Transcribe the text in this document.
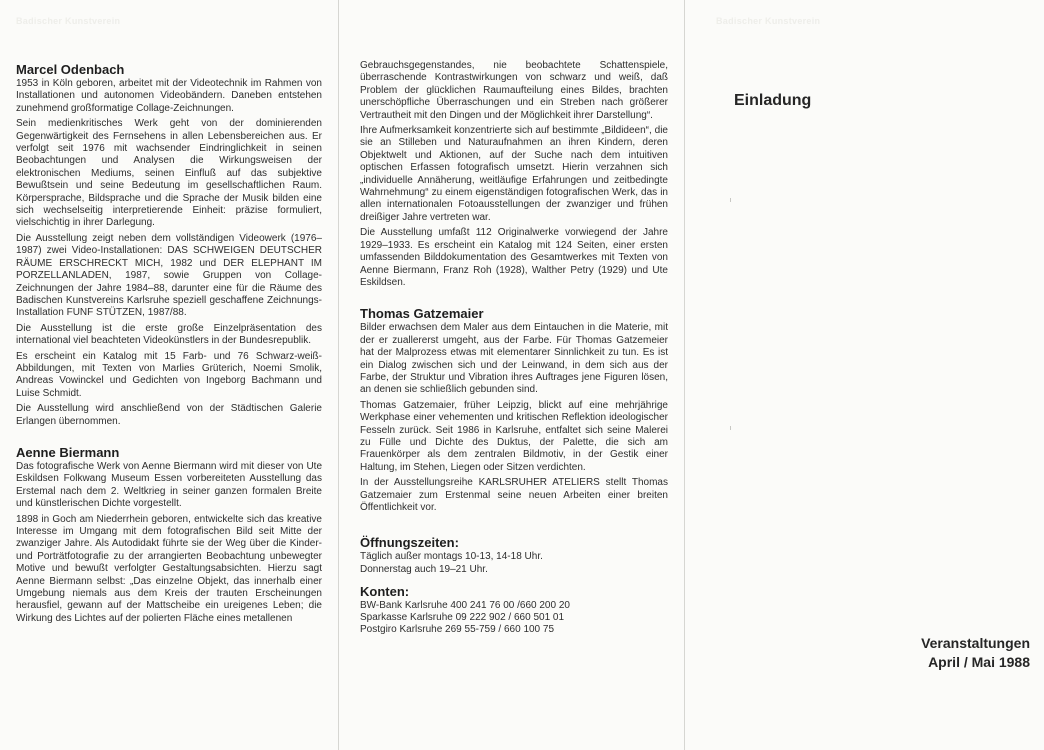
Badischer Kunstverein
Marcel Odenbach

1953 in Köln geboren, arbeitet mit der Videotechnik im Rahmen von Installationen und autonomen Videobändern. Daneben entstehen zunehmend großformatige Collage-Zeichnungen.

Sein medienkritisches Werk geht von der dominierenden Gegenwärtigkeit des Fernsehens in allen Lebensbereichen aus. Er verfolgt seit 1976 mit wachsender Eindringlichkeit in seinen Beobachtungen und Analysen die Wirkungsweisen der elektronischen Mediums, seinen Einfluß auf das subjektive Bewußtsein und seine Bedeutung im gesellschaftlichen Raum. Körpersprache, Bildsprache und die Sprache der Musik bilden eine sich wechselseitig interpretierende Einheit: präzise formuliert, vielschichtig in ihrer Darlegung.

Die Ausstellung zeigt neben dem vollständigen Videowerk (1976–1987) zwei Video-Installationen: DAS SCHWEIGEN DEUTSCHER RÄUME ERSCHRECKT MICH, 1982 und DER ELEPHANT IM PORZELLANLADEN, 1987, sowie Gruppen von Collage-Zeichnungen der Jahre 1984–88, darunter eine für die Räume des Badischen Kunstvereins Karlsruhe speziell geschaffene Zeichnungs-Installation FUNF STÜTZEN, 1987/88.

Die Ausstellung ist die erste große Einzelpräsentation des international viel beachteten Videokünstlers in der Bundesrepublik.

Es erscheint ein Katalog mit 15 Farb- und 76 Schwarz-weiß-Abbildungen, mit Texten von Marlies Grüterich, Noemi Smolik, Andreas Vowinckel und Gedichten von Ingeborg Bachmann und Luise Schmidt.

Die Ausstellung wird anschließend von der Städtischen Galerie Erlangen übernommen.

Aenne Biermann

Das fotografische Werk von Aenne Biermann wird mit dieser von Ute Eskildsen Folkwang Museum Essen vorbereiteten Ausstellung das Erstemal nach dem 2. Weltkrieg in seiner ganzen formalen Breite und künstlerischen Dichte vorgestellt.

1898 in Goch am Niederrhein geboren, entwickelte sich das kreative Interesse im Umgang mit dem fotografischen Bild seit Mitte der zwanziger Jahre. Als Autodidakt führte sie der Weg über die Kinder- und Porträtfotografie zu der arrangierten Beobachtung unbewegter Motive und bewußt verfolgter Gestaltungsabsichten. Hierzu sagt Aenne Biermann selbst: „Das einzelne Objekt, das innerhalb einer Umgebung niemals aus dem Kreis der trauten Erscheinungen herausfiel, gewann auf der Mattscheibe ein ureigenes Leben; die Wirkung des Lichtes auf der polierten Fläche eines metallenen

Gebrauchsgegenstandes, nie beobachtete Schattenspiele, überraschende Kontrastwirkungen von schwarz und weiß, daß Problem der glücklichen Raumaufteilung eines Bildes, brachten unerschöpfliche Überraschungen und ein Streben nach größerer Vertrautheit mit den Dingen und der Möglichkeit ihrer Darstellung“.

Ihre Aufmerksamkeit konzentrierte sich auf bestimmte „Bildideen“, die sie an Stilleben und Naturaufnahmen an ihren Kindern, deren Objektwelt und Aktionen, auf der Suche nach dem intuitiven optischen Erfassen fotografisch umsetzt. Hierin verzahnen sich „individuelle Annäherung, weitläufige Erfahrungen und zeitbedingte Wahrnehmung“ zu einem eigenständigen fotografischen Werk, das in allen internationalen Fotoausstellungen der zwanziger und frühen dreißiger Jahre vertreten war.

Die Ausstellung umfaßt 112 Originalwerke vorwiegend der Jahre 1929–1933. Es erscheint ein Katalog mit 124 Seiten, einer ersten umfassenden Bilddokumentation des Gesamtwerkes mit Texten von Aenne Biermann, Franz Roh (1928), Walther Petry (1929) und Ute Eskildsen.

Thomas Gatzemaier

Bilder erwachsen dem Maler aus dem Eintauchen in die Materie, mit der er zuallererst umgeht, aus der Farbe. Für Thomas Gatzemeier hat der Malprozess etwas mit elementarer Sinnlichkeit zu tun. Es ist ein Dialog zwischen sich und der Leinwand, in dem sich aus der Farbe, der Struktur und Vibration ihres Auftrages jene Figuren lösen, an denen sie schließlich gebunden sind.

Thomas Gatzemaier, früher Leipzig, blickt auf eine mehrjährige Werkphase einer vehementen und kritischen Reflektion ideologischer Fesseln zurück. Seit 1986 in Karlsruhe, entfaltet sich seine Malerei zu Fülle und Dichte des Duktus, der Palette, die sich am Frauenkörper als dem zentralen Bildmotiv, in der Gestik einer Haltung, im Stehen, Liegen oder Sitzen verdichten.

In der Ausstellungsreihe KARLSRUHER ATELIERS stellt Thomas Gatzemaier zum Erstenmal seine neuen Arbeiten einer breiten Öffentlichkeit vor.

Öffnungszeiten:

Täglich außer montags 10-13, 14-18 Uhr.

Donnerstag auch 19–21 Uhr.

Konten:

BW-Bank Karlsruhe 400 241 76 00 /660 200 20

Sparkasse Karlsruhe 09 222 902 / 660 501 01

Postgiro Karlsruhe 269 55-759 / 660 100 75

Badischer Kunstverein
Einladung
Veranstaltungen
April / Mai 1988
